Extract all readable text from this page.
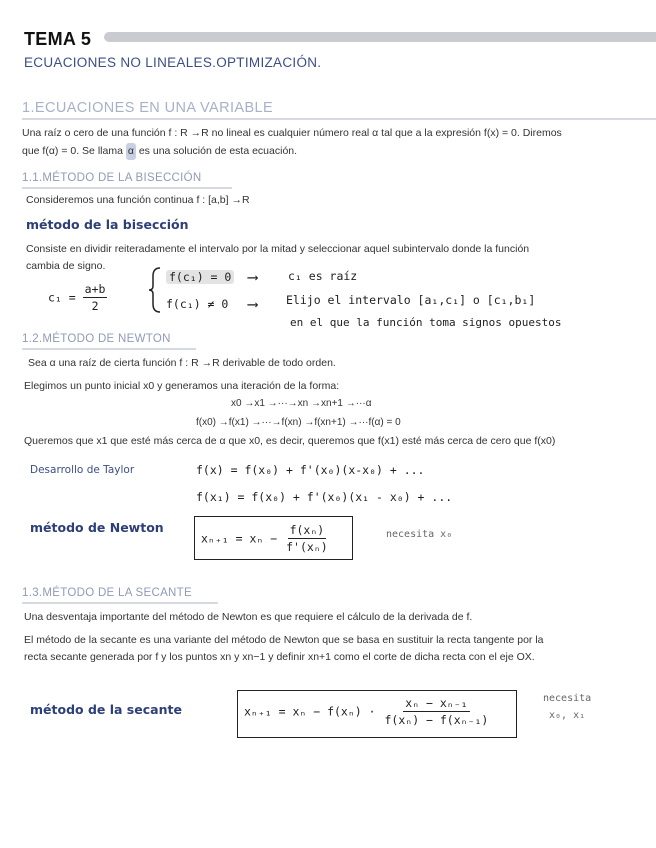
TEMA 5
ECUACIONES NO LINEALES.OPTIMIZACIÓN.
1.ECUACIONES EN UNA VARIABLE
Una raíz o cero de una función f : R →R no lineal es cualquier número real α tal que a la expresión f(x) = 0. Diremos
que f(α) = 0. Se llama α es una solución de esta ecuación.
1.1.MÉTODO DE LA BISECCIÓN
Consideremos una función continua f : [a,b] →R
método de la bisección
Consiste en dividir reiteradamente el intervalo por la mitad y seleccionar aquel subintervalo donde la función
cambia de signo.
$c_1 = \frac{a+b}{2}$
f(c₁) = 0
f(c₁) ≠ 0
⟶
⟶
c₁ es raíz
Elijo el intervalo [a₁,c₁] o [c₁,b₁]
en el que la función toma signos opuestos
1.2.MÉTODO DE NEWTON
Sea α una raíz de cierta función f : R →R derivable de todo orden.
Elegimos un punto inicial x0 y generamos una iteración de la forma:
x0 →x1 →···→xn →xn+1 →···α
f(x0) →f(x1) →···→f(xn) →f(xn+1) →···f(α) = 0
Queremos que x1 que esté más cerca de α que x0, es decir, queremos que f(x1) esté más cerca de cero que f(x0)
Desarrollo de Taylor	f(x) = f(x₀) + f'(x₀)(x-x₀) + ...
f(x₁) = f(x₀) + f'(x₀)(x₁ - x₀) + ...
método de Newton
$x_{n+1} = x_n - \frac{\text{f(xₙ)}}{\text{f'(xₙ)}}$	necesita x₀
1.3.MÉTODO DE LA SECANTE
Una desventaja importante del método de Newton es que requiere el cálculo de la derivada de f.
El método de la secante es una variante del método de Newton que se basa en sustituir la recta tangente por la
recta secante generada por f y los puntos xn y xn−1 y definir xn+1 como el corte de dicha recta con el eje OX.
método de la secante	$x_{n+1} = x_n - f(x_n) \cdot \frac{\text{xₙ − xₙ₋₁}}{\text{f(xₙ) − f(xₙ₋₁)}}$	necesita
x₀, x₁
